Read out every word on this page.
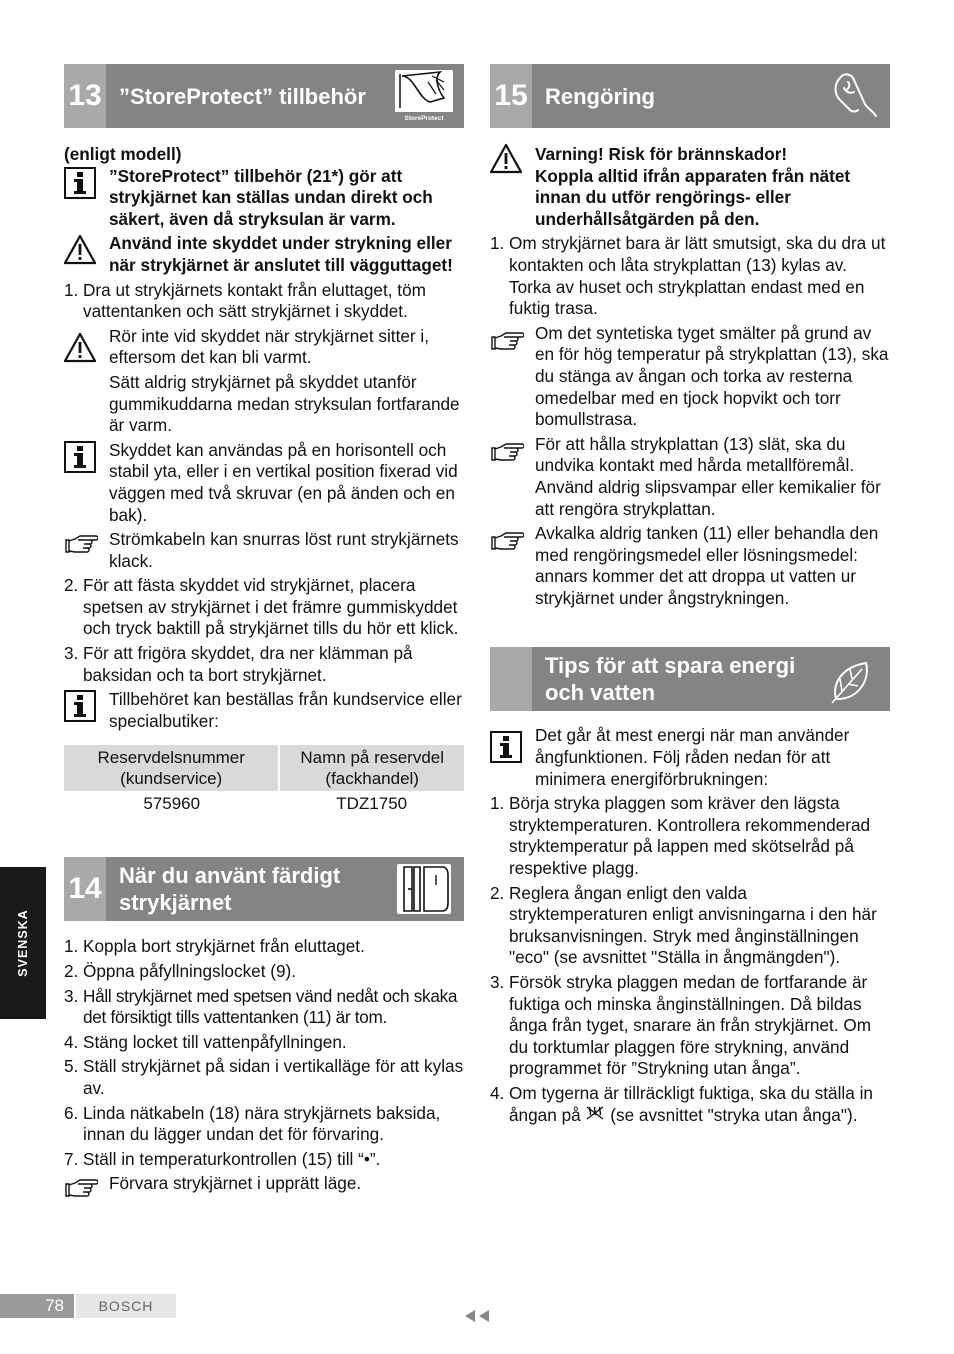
13 ”StoreProtect” tillbehör
StoreProtect

(enligt modell)

”StoreProtect” tillbehör (21*) gör att strykjärnet kan ställas undan direkt och säkert, även då stryksulan är varm.

Använd inte skyddet under strykning eller när strykjärnet är anslutet till vägguttaget!

1. Dra ut strykjärnets kontakt från eluttaget, töm vattentanken och sätt strykjärnet i skyddet.

Rör inte vid skyddet när strykjärnet sitter i, eftersom det kan bli varmt.

Sätt aldrig strykjärnet på skyddet utanför gummikuddarna medan stryksulan fortfarande är varm.

Skyddet kan användas på en horisontell och stabil yta, eller i en vertikal position fixerad vid väggen med två skruvar (en på änden och en bak).

Strömkabeln kan snurras löst runt strykjärnets klack.

2. För att fästa skyddet vid strykjärnet, placera spetsen av strykjärnet i det främre gummiskyddet och tryck baktill på strykjärnet tills du hör ett klick.

3. För att frigöra skyddet, dra ner klämman på baksidan och ta bort strykjärnet.

Tillbehöret kan beställas från kundservice eller specialbutiker:

Reservdelsnummer (kundservice)	Namn på reservdel (fackhandel)
575960	TDZ1750
14 När du använt färdigt strykjärnet
1. Koppla bort strykjärnet från eluttaget.

2. Öppna påfyllningslocket (9).

3. Håll strykjärnet med spetsen vänd nedåt och skaka det försiktigt tills vattentanken (11) är tom.

4. Stäng locket till vattenpåfyllningen.

5. Ställ strykjärnet på sidan i vertikalläge för att kylas av.

6. Linda nätkabeln (18) nära strykjärnets baksida, innan du lägger undan det för förvaring.

7. Ställ in temperaturkontrollen (15) till “•”.

Förvara strykjärnet i upprätt läge.

15 Rengöring

Varning! Risk för brännskador!

Koppla alltid ifrån apparaten från nätet innan du utför rengörings- eller underhållsåtgärden på den.

1. Om strykjärnet bara är lätt smutsigt, ska du dra ut kontakten och låta strykplattan (13) kylas av. Torka av huset och strykplattan endast med en fuktig trasa.

Om det syntetiska tyget smälter på grund av en för hög temperatur på strykplattan (13), ska du stänga av ångan och torka av resterna omedelbar med en tjock hopvikt och torr bomullstrasa.

För att hålla strykplattan (13) slät, ska du undvika kontakt med hårda metallföremål. Använd aldrig slipsvampar eller kemikalier för att rengöra strykplattan.

Avkalka aldrig tanken (11) eller behandla den med rengöringsmedel eller lösningsmedel: annars kommer det att droppa ut vatten ur strykjärnet under ångstrykningen.

Tips för att spara energi och vatten

Det går åt mest energi när man använder ångfunktionen. Följ råden nedan för att minimera energiförbrukningen:

1. Börja stryka plaggen som kräver den lägsta stryktemperaturen. Kontrollera rekommenderad stryktemperatur på lappen med skötselråd på respektive plagg.

2. Reglera ångan enligt den valda stryktemperaturen enligt anvisningarna i den här bruksanvisningen. Stryk med ånginställningen "eco" (se avsnittet "Ställa in ångmängden").

3. Försök stryka plaggen medan de fortfarande är fuktiga och minska ånginställningen. Då bildas ånga från tyget, snarare än från strykjärnet. Om du torktumlar plaggen före strykning, använd programmet för ”Strykning utan ånga”.

4. Om tygerna är tillräckligt fuktiga, ska du ställa in ångan på (se avsnittet "stryka utan ånga").

SVENSKA
78	BOSCH
